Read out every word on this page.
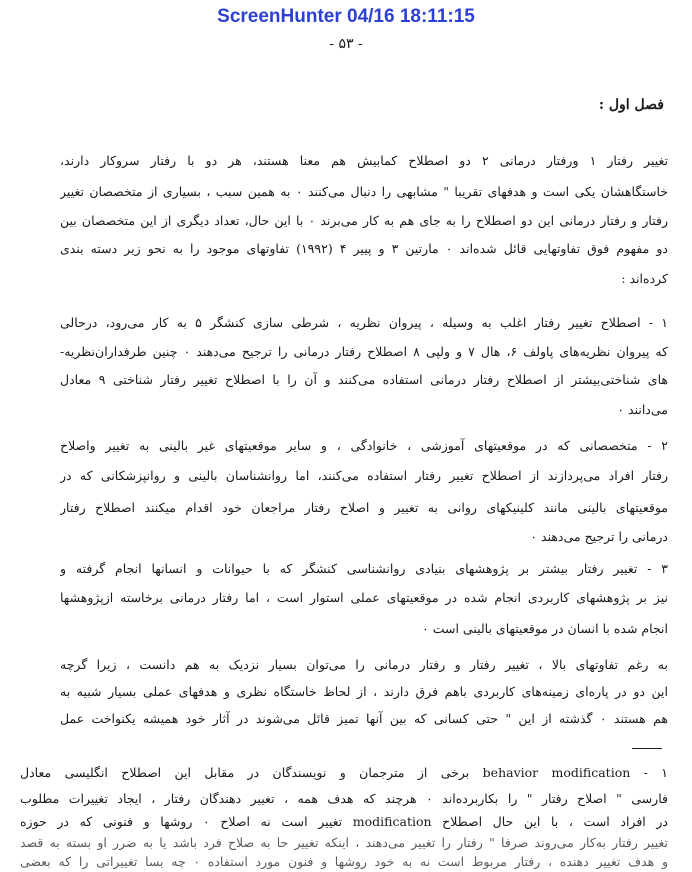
ScreenHunter 04/16 18:11:15
- ۵۳ -
فصل اول :
تغییر رفتار ۱ ورفتار درمانی ۲ دو اصطلاح کمابیش هم معنا هستند، هر دو با رفتار سروکار دارند،
خاستگاهشان یکی است و هدفهای تقریبا " مشابهی را دنبال می‌کنند ۰ به همین سبب ، بسیاری از متخصصان تغییر
رفتار و رفتار درمانی این دو اصطلاح را به جای هم به کار می‌برند ۰ با این حال، تعداد دیگری از این متخصصان بین
دو مفهوم فوق تفاوتهایی قائل شده‌اند ۰ مارتین ۳ و پییر ۴ (۱۹۹۲) تفاوتهای موجود را به نحو زیر دسته بندی
کرده‌اند :
۱ - اصطلاح تغییر رفتار اغلب به وسیله ، پیروان نظریه ، شرطی سازی کنشگر ۵ به کار می‌رود، درحالی
که پیروان نظریه‌های پاولف ۶، هال ۷ و ولپی ۸ اصطلاح رفتار درمانی را ترجیح می‌دهند ۰ چنین طرفداران‌نظریه-
های شناختی‌بیشتر از اصطلاح رفتار درمانی استفاده می‌کنند و آن را با اصطلاح تغییر رفتار شناختی ۹ معادل
می‌دانند ۰
۲ - متخصصانی که در موقعیتهای آموزشی ، خانوادگی ، و سایر موقعیتهای غیر بالینی به تغییر واصلاح
رفتار افراد می‌پردازند از اصطلاح تغییر رفتار استفاده می‌کنند، اما روانشناسان بالینی و روانپزشکانی که در
موقعیتهای بالینی مانند کلینیکهای روانی به تغییر و اصلاح رفتار مراجعان خود اقدام میکنند اصطلاح رفتار
درمانی را ترجیح می‌دهند ۰
۳ - تغییر رفتار بیشتر بر پژوهشهای بنیادی روانشناسی کنشگر که با حیوانات و انسانها انجام گرفته و
نیز بر پژوهشهای کاربردی انجام شده در موقعیتهای عملی استوار است ، اما رفتار درمانی برخاسته ازپژوهشها
انجام شده با انسان در موقعیتهای بالینی است ۰
به رغم تفاوتهای بالا ، تغییر رفتار و رفتار درمانی را می‌توان بسیار نزدیک به هم دانست ، زیرا گرچه
این دو در پاره‌ای زمینه‌های کاربردی باهم فرق دارند ، از لحاظ خاستگاه نظری و هدفهای عملی بسیار شبیه به
هم هستند ۰ گذشته از این " حتی کسانی که بین آنها تمیز قائل می‌شوند در آثار خود همیشه یکنواخت عمل
۱ - behavior modification برخی از مترجمان و نویسندگان در مقابل این اصطلاح انگلیسی معادل
فارسی " اصلاح رفتار " را بکاربرده‌اند ۰ هرچند که هدف همه ، تغییر دهندگان رفتار ، ایجاد تغییرات مطلوب
در افراد است ، با این حال اصطلاح modification تغییر است نه اصلاح ۰ روشها و فنونی که در حوزه
تغییر رفتار به‌کار می‌روند صرفا " رفتار را تغییر می‌دهند ، اینکه تغییر حا به صلاح فرد باشد یا به ضرر او بسته به قصد
و هدف تغییر دهنده ، رفتار مربوط است نه به خود روشها و فنون مورد استفاده ۰ چه بسا تغییراتی را که بعضی
